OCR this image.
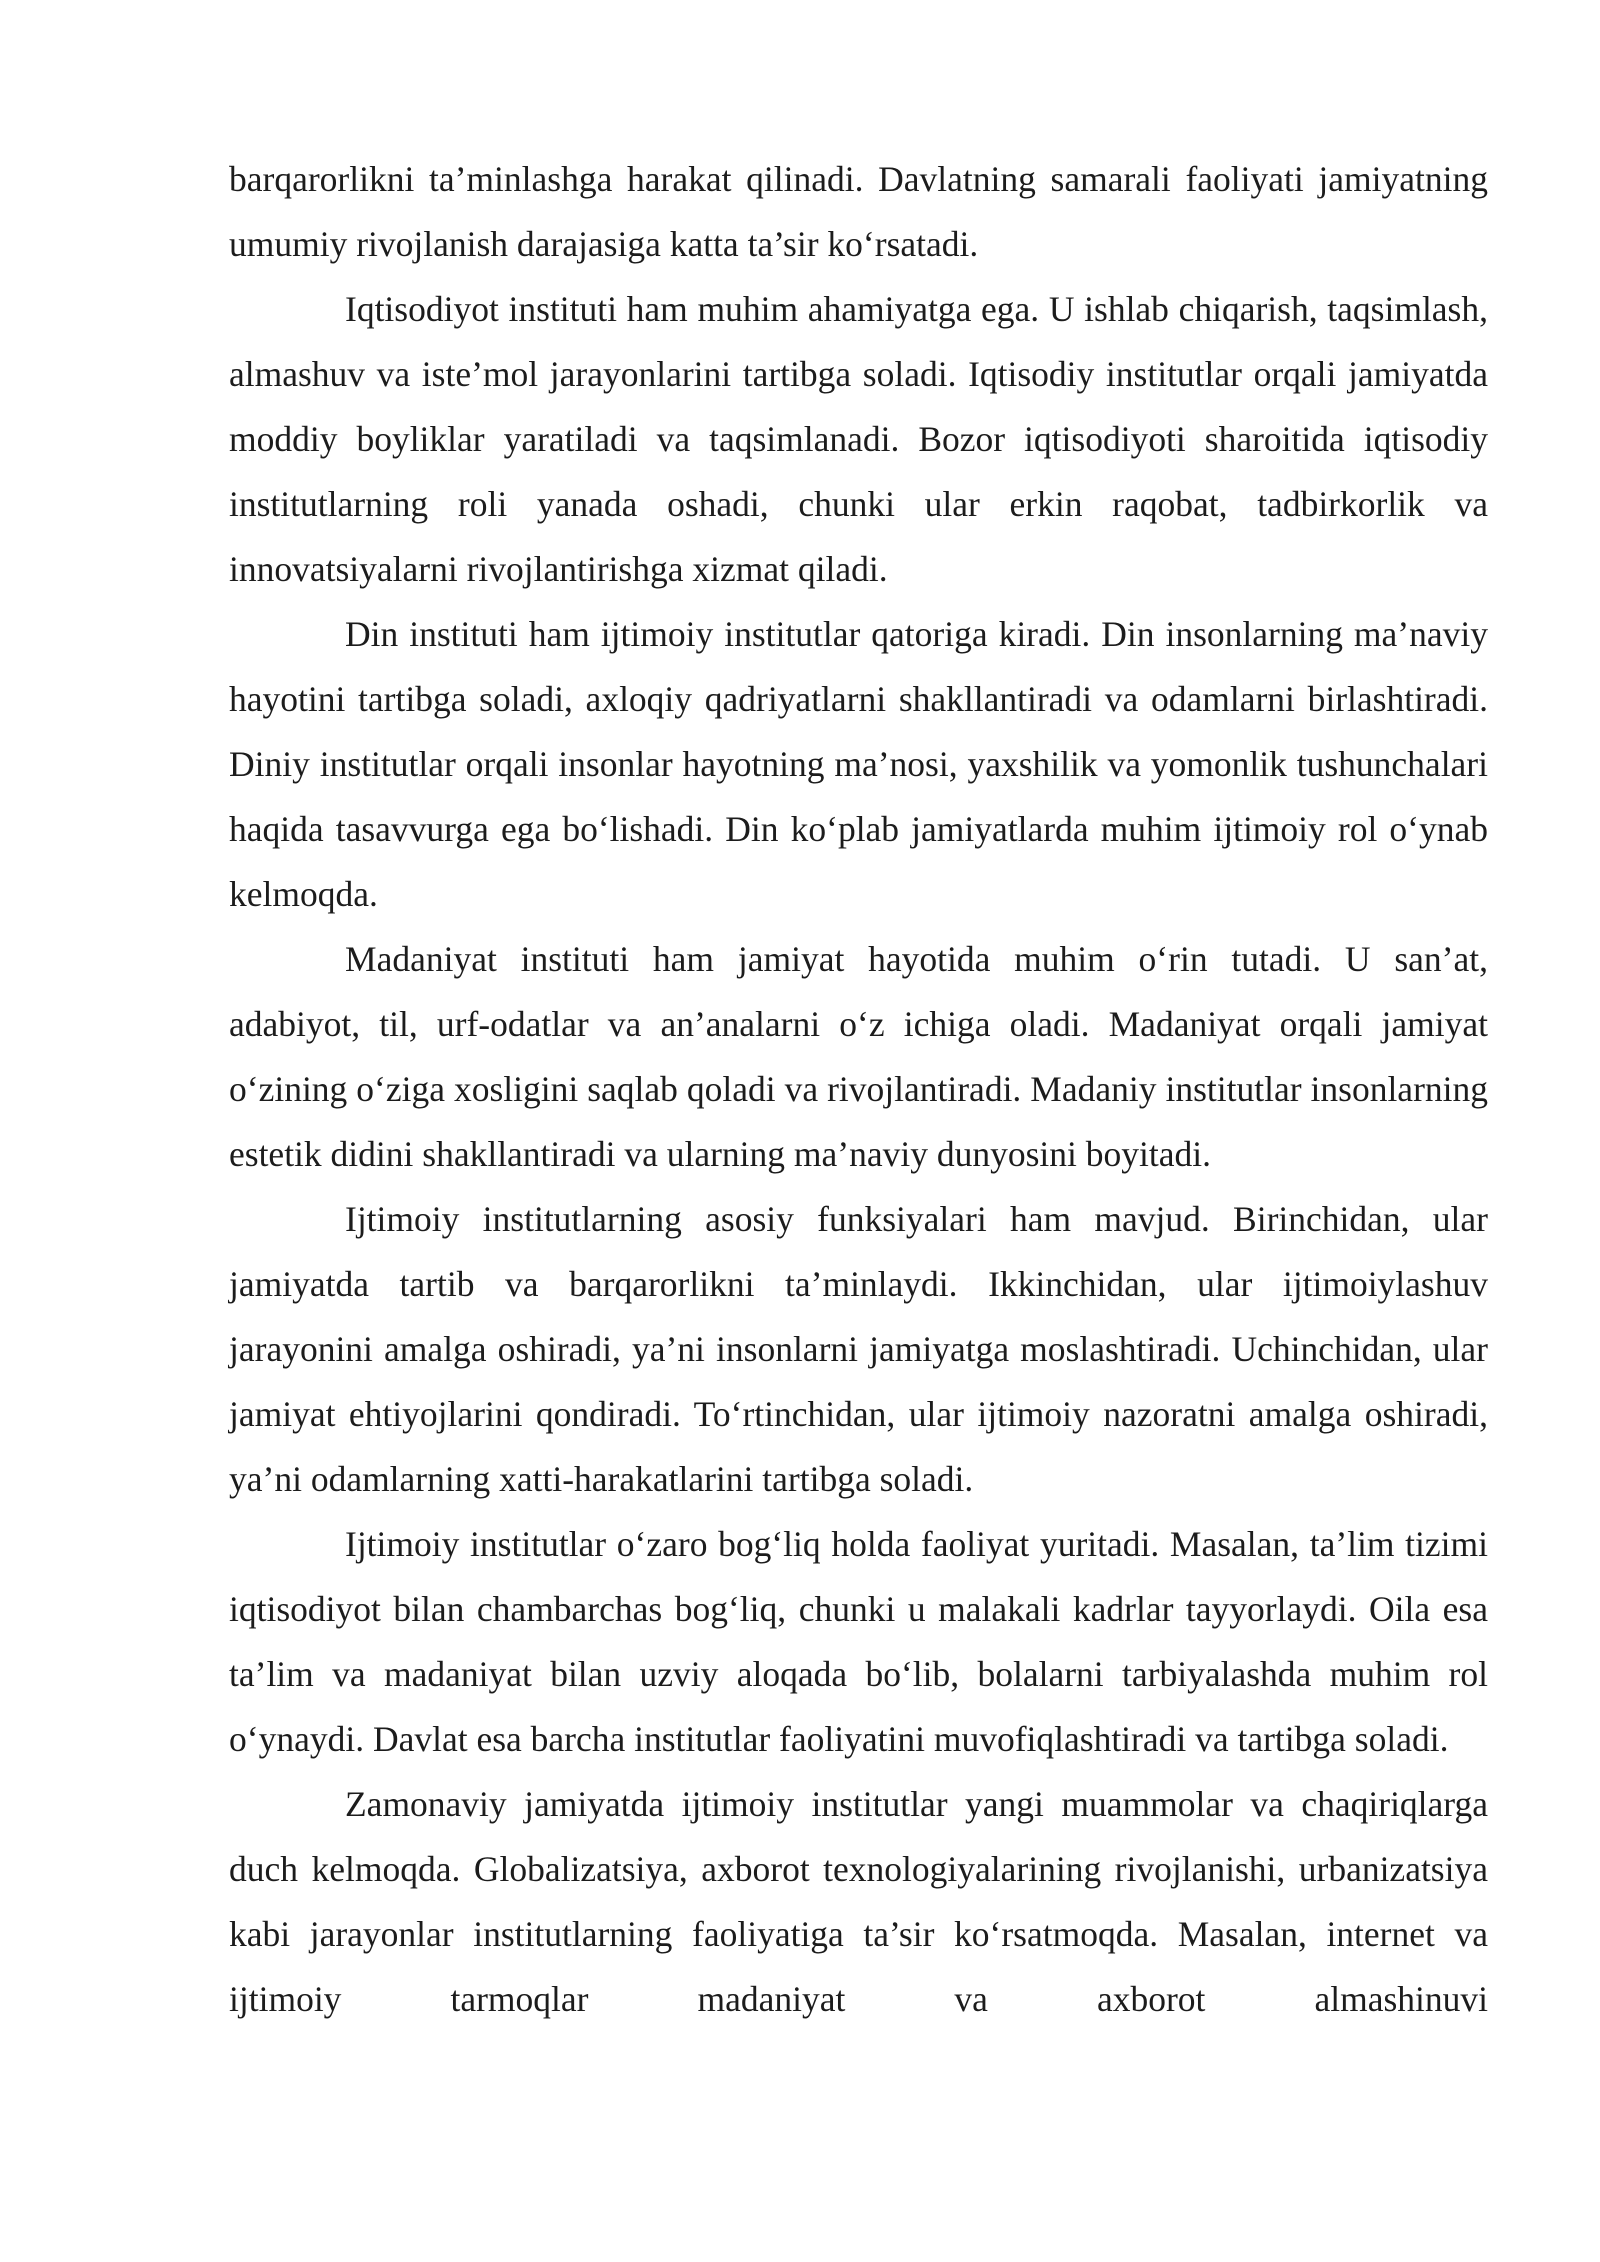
barqarorlikni ta’minlashga harakat qilinadi. Davlatning samarali faoliyati jamiyatning umumiy rivojlanish darajasiga katta ta’sir ko‘rsatadi.

Iqtisodiyot instituti ham muhim ahamiyatga ega. U ishlab chiqarish, taqsimlash, almashuv va iste’mol jarayonlarini tartibga soladi. Iqtisodiy institutlar orqali jamiyatda moddiy boyliklar yaratiladi va taqsimlanadi. Bozor iqtisodiyoti sharoitida iqtisodiy institutlarning roli yanada oshadi, chunki ular erkin raqobat, tadbirkorlik va innovatsiyalarni rivojlantirishga xizmat qiladi.

Din instituti ham ijtimoiy institutlar qatoriga kiradi. Din insonlarning ma’naviy hayotini tartibga soladi, axloqiy qadriyatlarni shakllantiradi va odamlarni birlashtiradi. Diniy institutlar orqali insonlar hayotning ma’nosi, yaxshilik va yomonlik tushunchalari haqida tasavvurga ega bo‘lishadi. Din ko‘plab jamiyatlarda muhim ijtimoiy rol o‘ynab kelmoqda.

Madaniyat instituti ham jamiyat hayotida muhim o‘rin tutadi. U san’at, adabiyot, til, urf-odatlar va an’analarni o‘z ichiga oladi. Madaniyat orqali jamiyat o‘zining o‘ziga xosligini saqlab qoladi va rivojlantiradi. Madaniy institutlar insonlarning estetik didini shakllantiradi va ularning ma’naviy dunyosini boyitadi.

Ijtimoiy institutlarning asosiy funksiyalari ham mavjud. Birinchidan, ular jamiyatda tartib va barqarorlikni ta’minlaydi. Ikkinchidan, ular ijtimoiylashuv jarayonini amalga oshiradi, ya’ni insonlarni jamiyatga moslashtiradi. Uchinchidan, ular jamiyat ehtiyojlarini qondiradi. To‘rtinchidan, ular ijtimoiy nazoratni amalga oshiradi, ya’ni odamlarning xatti-harakatlarini tartibga soladi.

Ijtimoiy institutlar o‘zaro bog‘liq holda faoliyat yuritadi. Masalan, ta’lim tizimi iqtisodiyot bilan chambarchas bog‘liq, chunki u malakali kadrlar tayyorlaydi. Oila esa ta’lim va madaniyat bilan uzviy aloqada bo‘lib, bolalarni tarbiyalashda muhim rol o‘ynaydi. Davlat esa barcha institutlar faoliyatini muvofiqlashtiradi va tartibga soladi.

Zamonaviy jamiyatda ijtimoiy institutlar yangi muammolar va chaqiriqlarga duch kelmoqda. Globalizatsiya, axborot texnologiyalarining rivojlanishi, urbanizatsiya kabi jarayonlar institutlarning faoliyatiga ta’sir ko‘rsatmoqda. Masalan, internet va ijtimoiy tarmoqlar madaniyat va axborot almashinuvi
